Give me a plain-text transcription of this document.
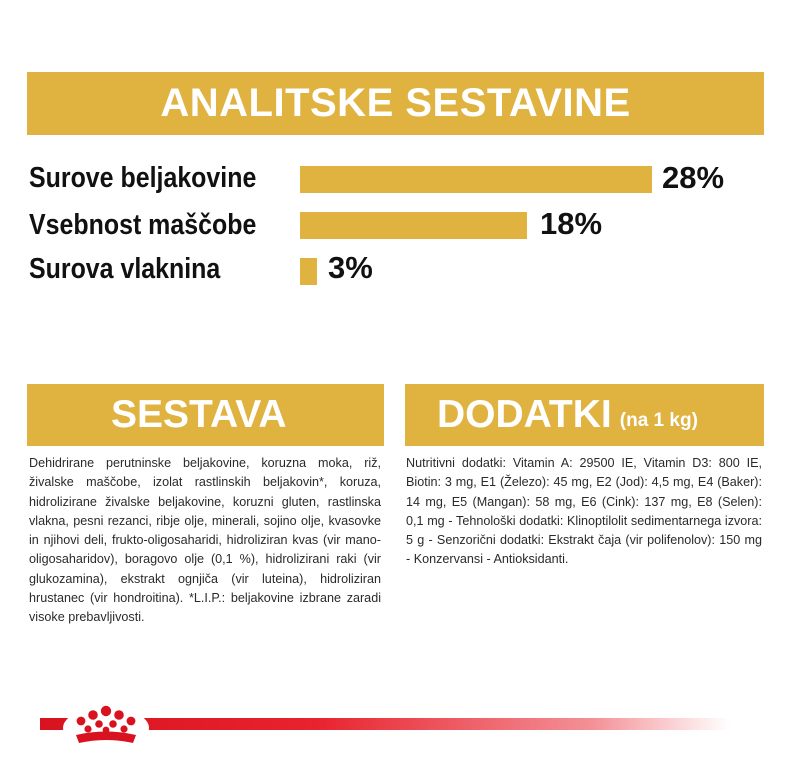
ANALITSKE SESTAVINE
Surove beljakovine	28%
Vsebnost maščobe	18%
Surova vlaknina	3%
SESTAVA
Dehidrirane perutninske beljakovine, koruzna moka, riž, živalske maščobe, izolat rastlinskih beljakovin*, koruza, hidrolizirane živalske beljakovine, koruzni gluten, rastlinska vlakna, pesni rezanci, ribje olje, minerali, sojino olje, kvasovke in njihovi deli, frukto-oligosaharidi, hidroliziran kvas (vir mano-oligosaharidov), boragovo olje (0,1 %), hidrolizirani raki (vir glukozamina), ekstrakt ognjiča (vir luteina), hidroliziran hrustanec (vir hondroitina). *L.I.P.: beljakovine izbrane zaradi visoke prebavljivosti.
DODATKI (na 1 kg)
Nutritivni dodatki: Vitamin A: 29500 IE, Vitamin D3: 800 IE, Biotin: 3 mg, E1 (Železo): 45 mg, E2 (Jod): 4,5 mg, E4 (Baker): 14 mg, E5 (Mangan): 58 mg, E6 (Cink): 137 mg, E8 (Selen): 0,1 mg - Tehnološki dodatki: Klinoptilolit sedimentarnega izvora: 5 g - Senzorični dodatki: Ekstrakt čaja (vir polifenolov): 150 mg - Konzervansi - Antioksidanti.
